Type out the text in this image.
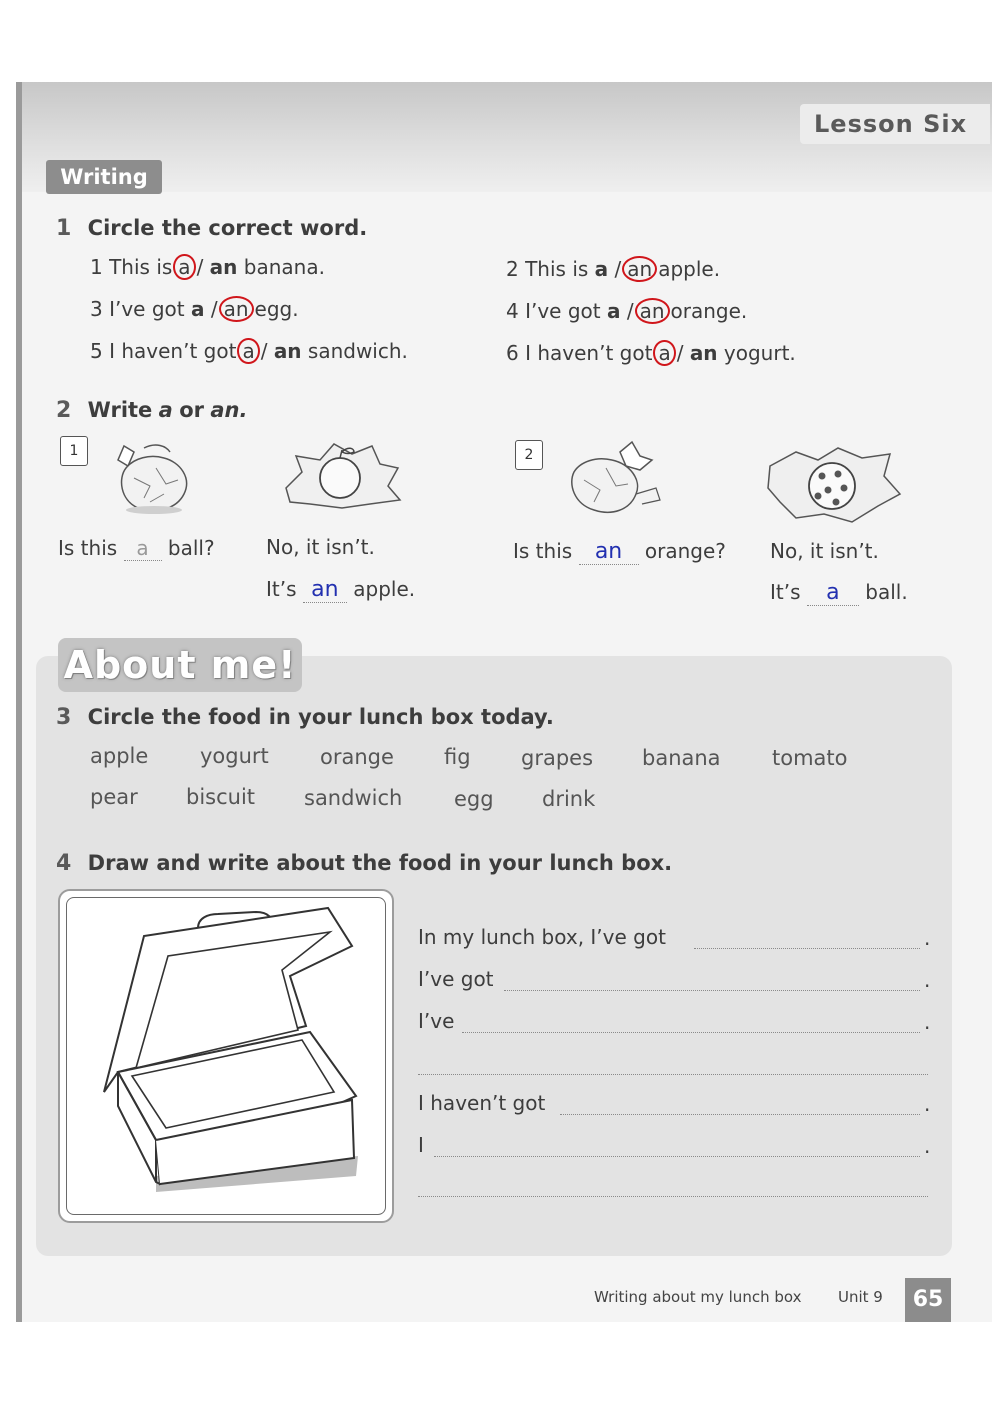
Lesson Six
Writing
1 Circle the correct word.
1 This is a / an banana.	2 This is a / an apple.
3 I’ve got a / an egg.	4 I’ve got a / an orange.
5 I haven’t got a / an sandwich.	6 I haven’t got a / an yogurt.
2 Write a or an.
1	2
Is this a ball?	No, it isn’t.
It’s an apple.
Is this an orange? No, it isn’t.
It’s a ball.
About me!
3 Circle the food in your lunch box today.
apple yogurt orange fig grapes banana tomato
pear biscuit sandwich egg drink
4 Draw and write about the food in your lunch box.
In my lunch box, I’ve got	.
I’ve got	.
I’ve	.
I haven’t got	.
I	.
Writing about my lunch box Unit 9	65
